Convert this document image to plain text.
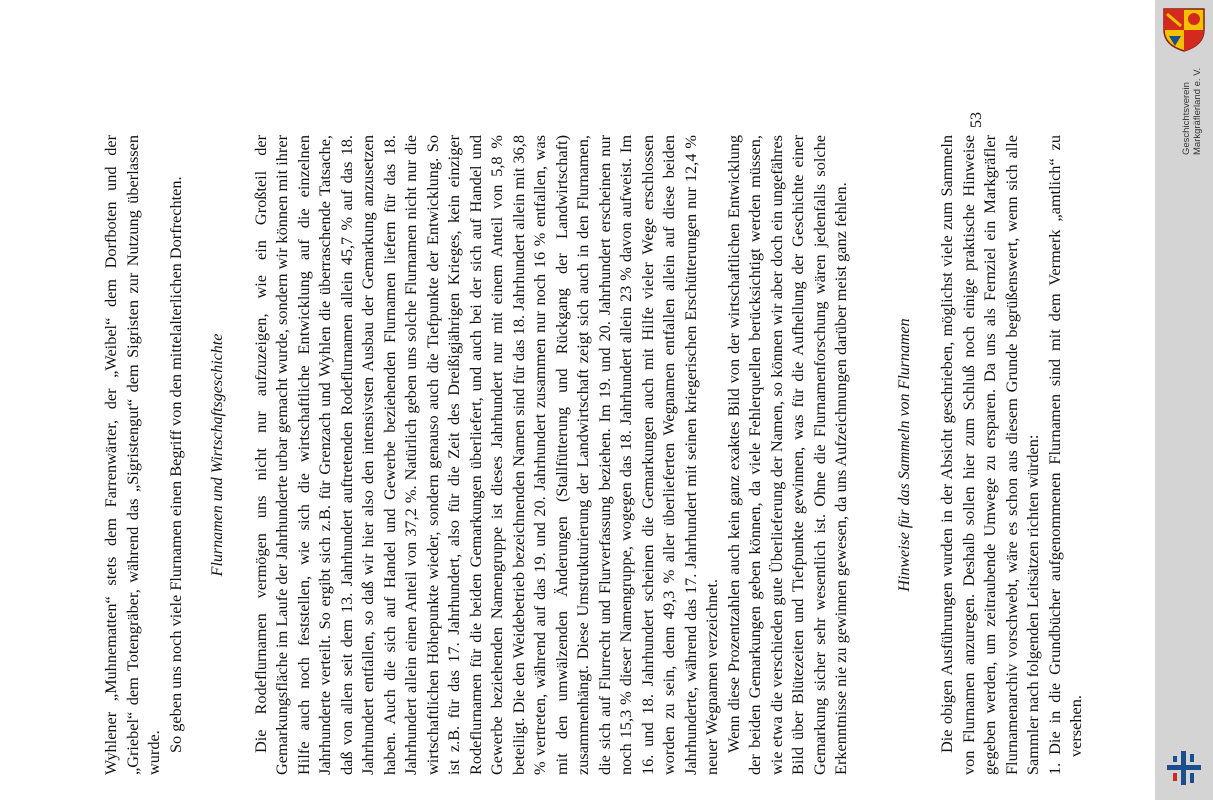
Wyhlener „Muhnematten“ stets dem Farrenwärter, der „Weibel“ dem Dorfboten und der „Griebel“ dem Totengräber, während das „Sigristengut“ dem Sigristen zur Nutzung überlassen wurde. So geben uns noch viele Flurnamen einen Begriff von den mittelalterlichen Dorfrechten. Flurnamen und Wirtschaftsgeschichte Die Rodeflurnamen vermögen uns nicht nur aufzuzeigen, wie ein Großteil der Gemarkungsfläche im Laufe der Jahrhunderte urbar gemacht wurde, sondern wir können mit ihrer Hilfe auch noch feststellen, wie sich die wirtschaftliche Entwicklung auf die einzelnen Jahrhunderte verteilt. So ergibt sich z.B. für Grenzach und Wyhlen die überraschende Tatsache, daß von allen seit dem 13. Jahrhundert auftretenden Rodeflurnamen allein 45,7 % auf das 18. Jahrhundert entfallen, so daß wir hier also den intensivsten Ausbau der Gemarkung anzusetzen haben. Auch die sich auf Handel und Gewerbe beziehenden Flurnamen liefern für das 18. Jahrhundert allein einen Anteil von 37,2 %. Natürlich geben uns solche Flurnamen nicht nur die wirtschaftlichen Höhepunkte wieder, sondern genauso auch die Tiefpunkte der Entwicklung. So ist z.B. für das 17. Jahrhundert, also für die Zeit des Dreißigjährigen Krieges, kein einziger Rodeflurnamen für die beiden Gemarkungen überliefert, und auch bei der sich auf Handel und Gewerbe beziehenden Namengruppe ist dieses Jahrhundert nur mit einem Anteil von 5,8 % beteiligt. Die den Weidebetrieb bezeichnenden Namen sind für das 18. Jahrhundert allein mit 36,8 % vertreten, während auf das 19. und 20. Jahrhundert zusammen nur noch 16 % entfallen, was mit den umwälzenden Änderungen (Stallfütterung und Rückgang der Landwirtschaft) zusammenhängt. Diese Umstrukturierung der Landwirtschaft zeigt sich auch in den Flurnamen, die sich auf Flurrecht und Flurverfassung beziehen. Im 19. und 20. Jahrhundert erscheinen nur noch 15,3 % dieser Namengruppe, wogegen das 18. Jahrhundert allein 23 % davon aufweist. Im 16. und 18. Jahrhundert scheinen die Gemarkungen auch mit Hilfe vieler Wege erschlossen worden zu sein, denn 49,3 % aller überlieferten Wegnamen entfallen allein auf diese beiden Jahrhunderte, während das 17. Jahrhundert mit seinen kriegerischen Erschütterungen nur 12,4 % neuer Wegnamen verzeichnet. Wenn diese Prozentzahlen auch kein ganz exaktes Bild von der wirtschaftlichen Entwicklung der beiden Gemarkungen geben können, da viele Fehlerquellen berücksichtigt werden müssen, wie etwa die verschieden gute Überlieferung der Namen, so können wir aber doch ein ungefähres Bild über Blütezeiten und Tiefpunkte gewinnen, was für die Aufhellung der Geschichte einer Gemarkung sicher sehr wesentlich ist. Ohne die Flurnamenforschung wären jedenfalls solche Erkenntnisse nie zu gewinnen gewesen, da uns Aufzeichnungen darüber meist ganz fehlen.	Hinweise für das Sammeln von Flurnamen Die obigen Ausführungen wurden in der Absicht geschrieben, möglichst viele zum Sammeln von Flurnamen anzuregen. Deshalb sollen hier zum Schluß noch einige praktische Hinweise gegeben werden, um zeitraubende Umwege zu ersparen. Da uns als Fernziel ein Markgräfler Flurnamenarchiv vorschwebt, wäre es schon aus diesem Grunde begrüßenswert, wenn sich alle Sammler nach folgenden Leitsätzen richten würden: 1. Die in die Grundbücher aufgenommenen Flurnamen sind mit dem Vermerk „amtlich“ zu versehen.

53	Geschichtsverein Markgräflerland e. V.
